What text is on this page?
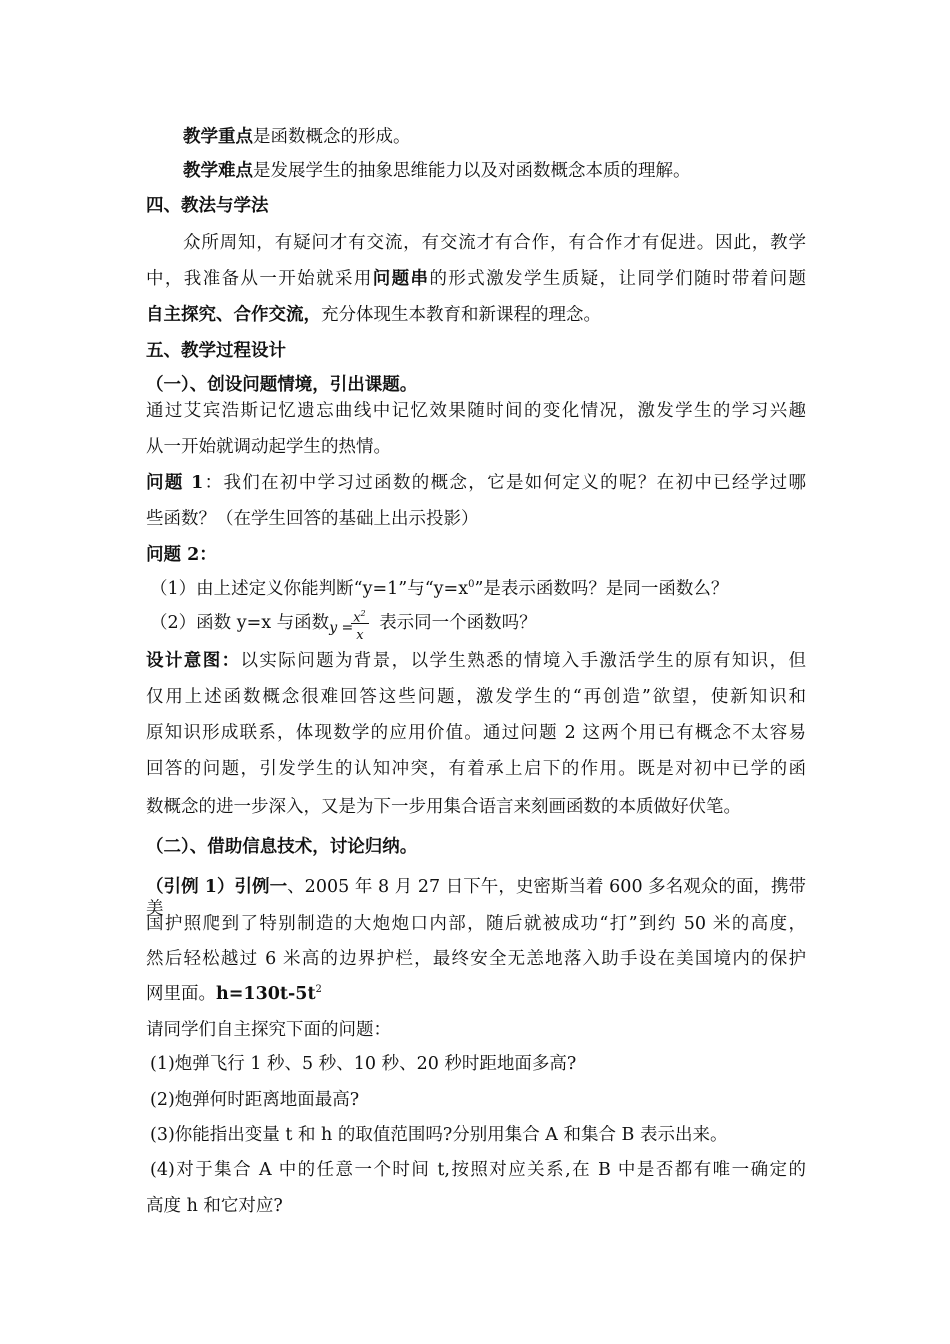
教学重点是函数概念的形成。
教学难点是发展学生的抽象思维能力以及对函数概念本质的理解。
四、教法与学法
众所周知，有疑问才有交流，有交流才有合作，有合作才有促进。因此，教学
中，我准备从一开始就采用问题串的形式激发学生质疑，让同学们随时带着问题
自主探究、合作交流，充分体现生本教育和新课程的理念。
五、教学过程设计
（一）、创设问题情境，引出课题。
通过艾宾浩斯记忆遗忘曲线中记忆效果随时间的变化情况，激发学生的学习兴趣
从一开始就调动起学生的热情。
问题 1：我们在初中学习过函数的概念，它是如何定义的呢？在初中已经学过哪
些函数？（在学生回答的基础上出示投影）
问题 2：
（1）由上述定义你能判断“y=1”与“$y=x^0$”是表示函数吗？是同一函数么？
（2）函数 y=x 与函数 y =
$x^2$
x
表示同一个函数吗？
设计意图：以实际问题为背景，以学生熟悉的情境入手激活学生的原有知识，但
仅用上述函数概念很难回答这些问题，激发学生的“再创造”欲望，使新知识和
原知识形成联系，体现数学的应用价值。通过问题 2 这两个用已有概念不太容易
回答的问题，引发学生的认知冲突，有着承上启下的作用。既是对初中已学的函
数概念的进一步深入，又是为下一步用集合语言来刻画函数的本质做好伏笔。
（二）、借助信息技术，讨论归纳。
（引例 1）引例一、2005 年 8 月 27 日下午，史密斯当着 600 多名观众的面，携带美
国护照爬到了特别制造的大炮炮口内部，随后就被成功“打”到约 50 米的高度，
然后轻松越过 6 米高的边界护栏，最终安全无恙地落入助手设在美国境内的保护
网里面。$h=130t-5t^2$
请同学们自主探究下面的问题：
(1)炮弹飞行 1 秒、5 秒、10 秒、20 秒时距地面多高?
(2)炮弹何时距离地面最高?
(3)你能指出变量 t 和 h 的取值范围吗?分别用集合 A 和集合 B 表示出来。
(4)对于集合 A 中的任意一个时间 t,按照对应关系,在 B 中是否都有唯一确定的
高度 h 和它对应?
